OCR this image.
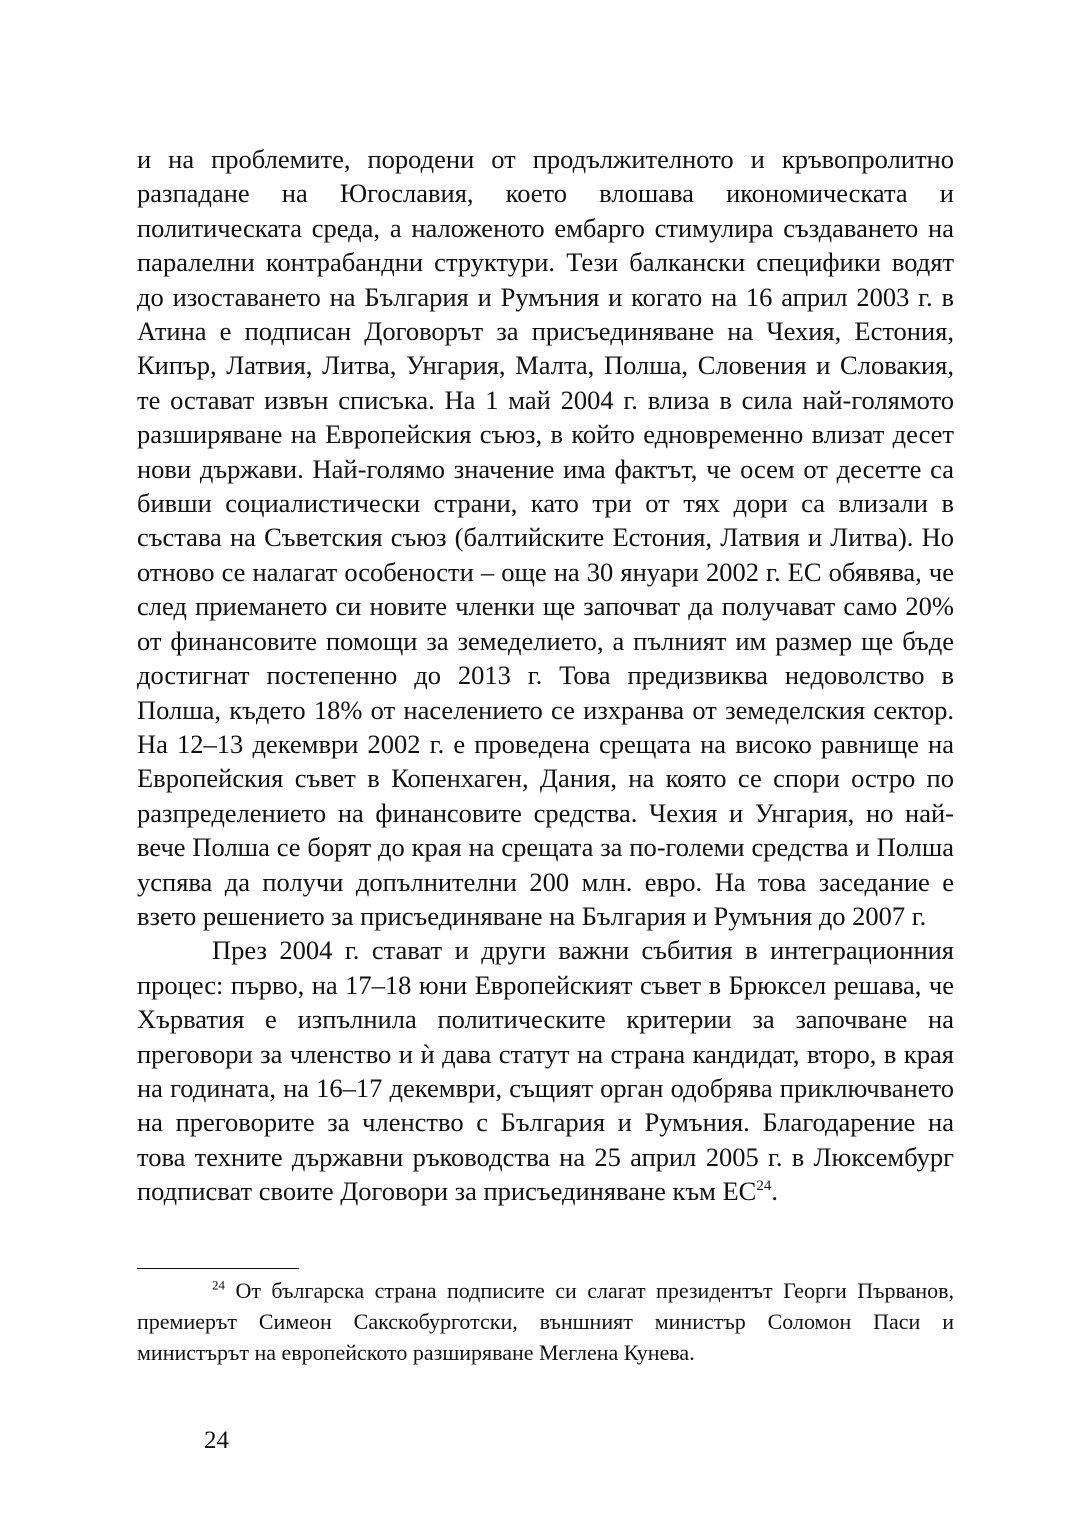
и на проблемите, породени от продължителното и кръвопролитно разпадане на Югославия, което влошава икономическата и политическата среда, а наложеното ембарго стимулира създаването на паралелни контрабандни структури. Тези балкански специфики водят до изоставането на България и Румъния и когато на 16 април 2003 г. в Атина е подписан Договорът за присъединяване на Чехия, Естония, Кипър, Латвия, Литва, Унгария, Малта, Полша, Словения и Словакия, те остават извън списъка. На 1 май 2004 г. влиза в сила най-голямото разширяване на Европейския съюз, в който едновременно влизат десет нови държави. Най-голямо значение има фактът, че осем от десетте са бивши социалистически страни, като три от тях дори са влизали в състава на Съветския съюз (балтийските Естония, Латвия и Литва). Но отново се налагат особености – още на 30 януари 2002 г. ЕС обявява, че след приемането си новите членки ще започват да получават само 20% от финансовите помощи за земеделието, а пълният им размер ще бъде достигнат постепенно до 2013 г. Това предизвиква недоволство в Полша, където 18% от населението се изхранва от земеделския сектор. На 12–13 декември 2002 г. е проведена срещата на високо равнище на Европейския съвет в Копенхаген, Дания, на която се спори остро по разпределението на финансовите средства. Чехия и Унгария, но най-вече Полша се борят до края на срещата за по-големи средства и Полша успява да получи допълнителни 200 млн. евро. На това заседание е взето решението за присъединяване на България и Румъния до 2007 г.

През 2004 г. стават и други важни събития в интеграционния процес: първо, на 17–18 юни Европейският съвет в Брюксел решава, че Хърватия е изпълнила политическите критерии за започване на преговори за членство и ѝ дава статут на страна кандидат, второ, в края на годината, на 16–17 декември, същият орган одобрява приключването на преговорите за членство с България и Румъния. Благодарение на това техните държавни ръководства на 25 април 2005 г. в Люксембург подписват своите Договори за присъединяване към ЕС$^{24}$.

$^{24}$ От българска страна подписите си слагат президентът Георги Първанов, премиерът Симеон Сакскобурготски, външният министър Соломон Паси и министърът на европейското разширяване Меглена Кунева.

24
